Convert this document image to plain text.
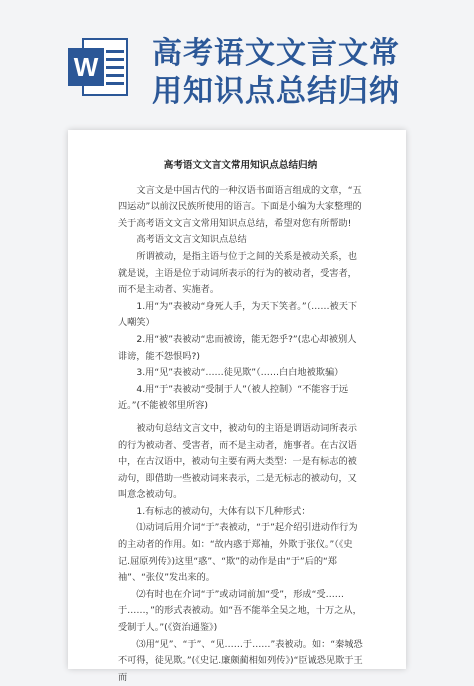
W 高考语文文言文常
用知识点总结归纳
高考语文文言文常用知识点总结归纳

文言文是中国古代的一种汉语书面语言组成的文章，“五四运动”以前汉民族所使用的语言。下面是小编为大家整理的关于高考语文文言文常用知识点总结，希望对您有所帮助!

高考语文文言文知识点总结

所谓被动，是指主语与位于之间的关系是被动关系，也就是说，主语是位于动词所表示的行为的被动者，受害者，而不是主动者、实施者。

1.用“为”表被动“身死人手，为天下笑者。”（……被天下人嘲笑）

2.用“被”表被动“忠而被谤，能无怨乎?”(忠心却被别人诽谤，能不怨恨吗?)

3.用“见”表被动“……徒见欺”（……白白地被欺骗）

4.用“于”表被动“受制于人”（被人控制）“不能容于远近。”(不能被邻里所容)

被动句总结文言文中，被动句的主语是谓语动词所表示的行为被动者、受害者，而不是主动者，施事者。在古汉语中，在古汉语中，被动句主要有两大类型：一是有标志的被动句，即借助一些被动词来表示，二是无标志的被动句，又叫意念被动句。

1.有标志的被动句，大体有以下几种形式：

⑴动词后用介词“于”表被动，“于”起介绍引进动作行为的主动者的作用。如：“故内惑于郑袖，外欺于张仪。”（《史记.屈原列传》)这里“惑”、“欺”的动作是由“于”后的“郑袖”、“张仪”发出来的。

⑵有时也在介词“于”或动词前加“受”，形成“受……于……，”的形式表被动。如“吾不能举全吴之地，十万之从，受制于人。”(《资治通鉴》)

⑶用“见”、“于”、“见……于……”表被动。如：“秦城恐不可得，徒见欺。”(《史记.廉颇蔺相如列传》)“臣诚恐见欺于王而
